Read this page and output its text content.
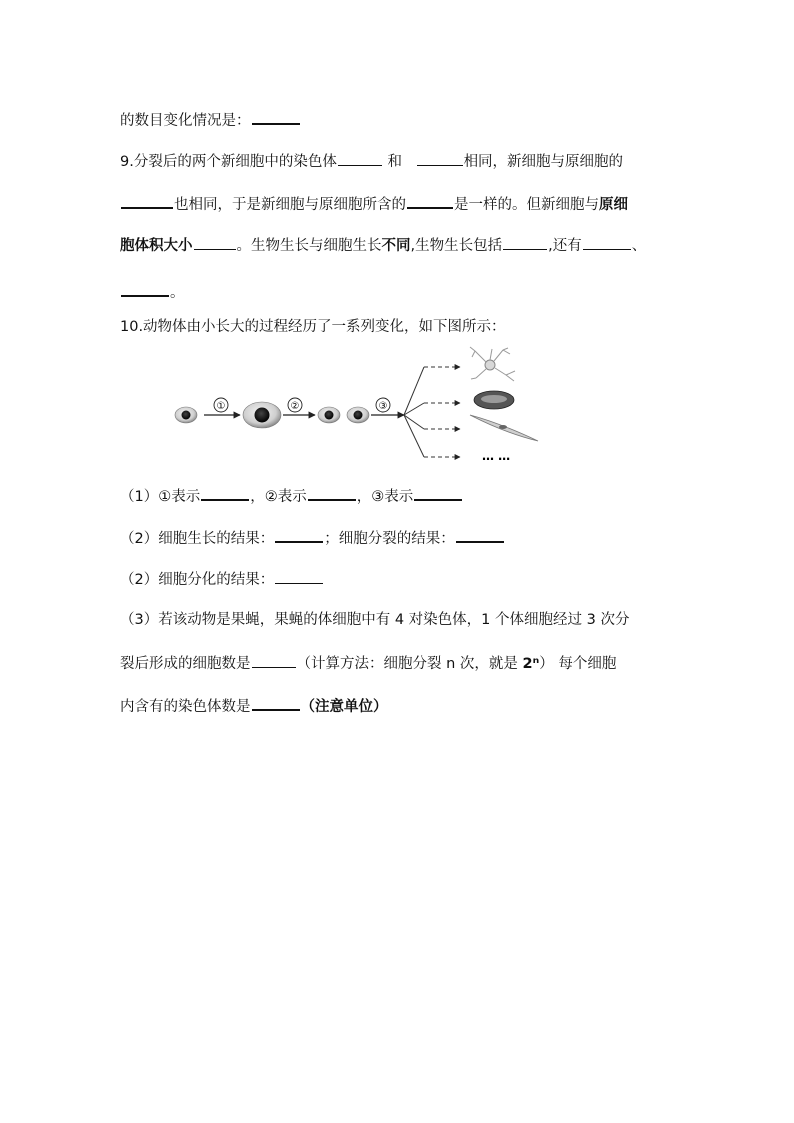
的数目变化情况是：
9.分裂后的两个新细胞中的染色体	和	相同，新细胞与原细胞的
也相同，于是新细胞与原细胞所含的	是一样的。但新细胞与原细
胞体积大小	。生物生长与细胞生长不同,生物生长包括	,还有	、
。
10.动物体由小长大的过程经历了一系列变化，如下图所示：
①	②	③
… …
（1）①表示	，②表示	，③表示
（2）细胞生长的结果：	；细胞分裂的结果：
（2）细胞分化的结果：
（3）若该动物是果蝇，果蝇的体细胞中有 4 对染色体，1 个体细胞经过 3 次分
裂后形成的细胞数是	（计算方法：细胞分裂 n 次，就是 2ⁿ） 每个细胞
内含有的染色体数是	（注意单位）
